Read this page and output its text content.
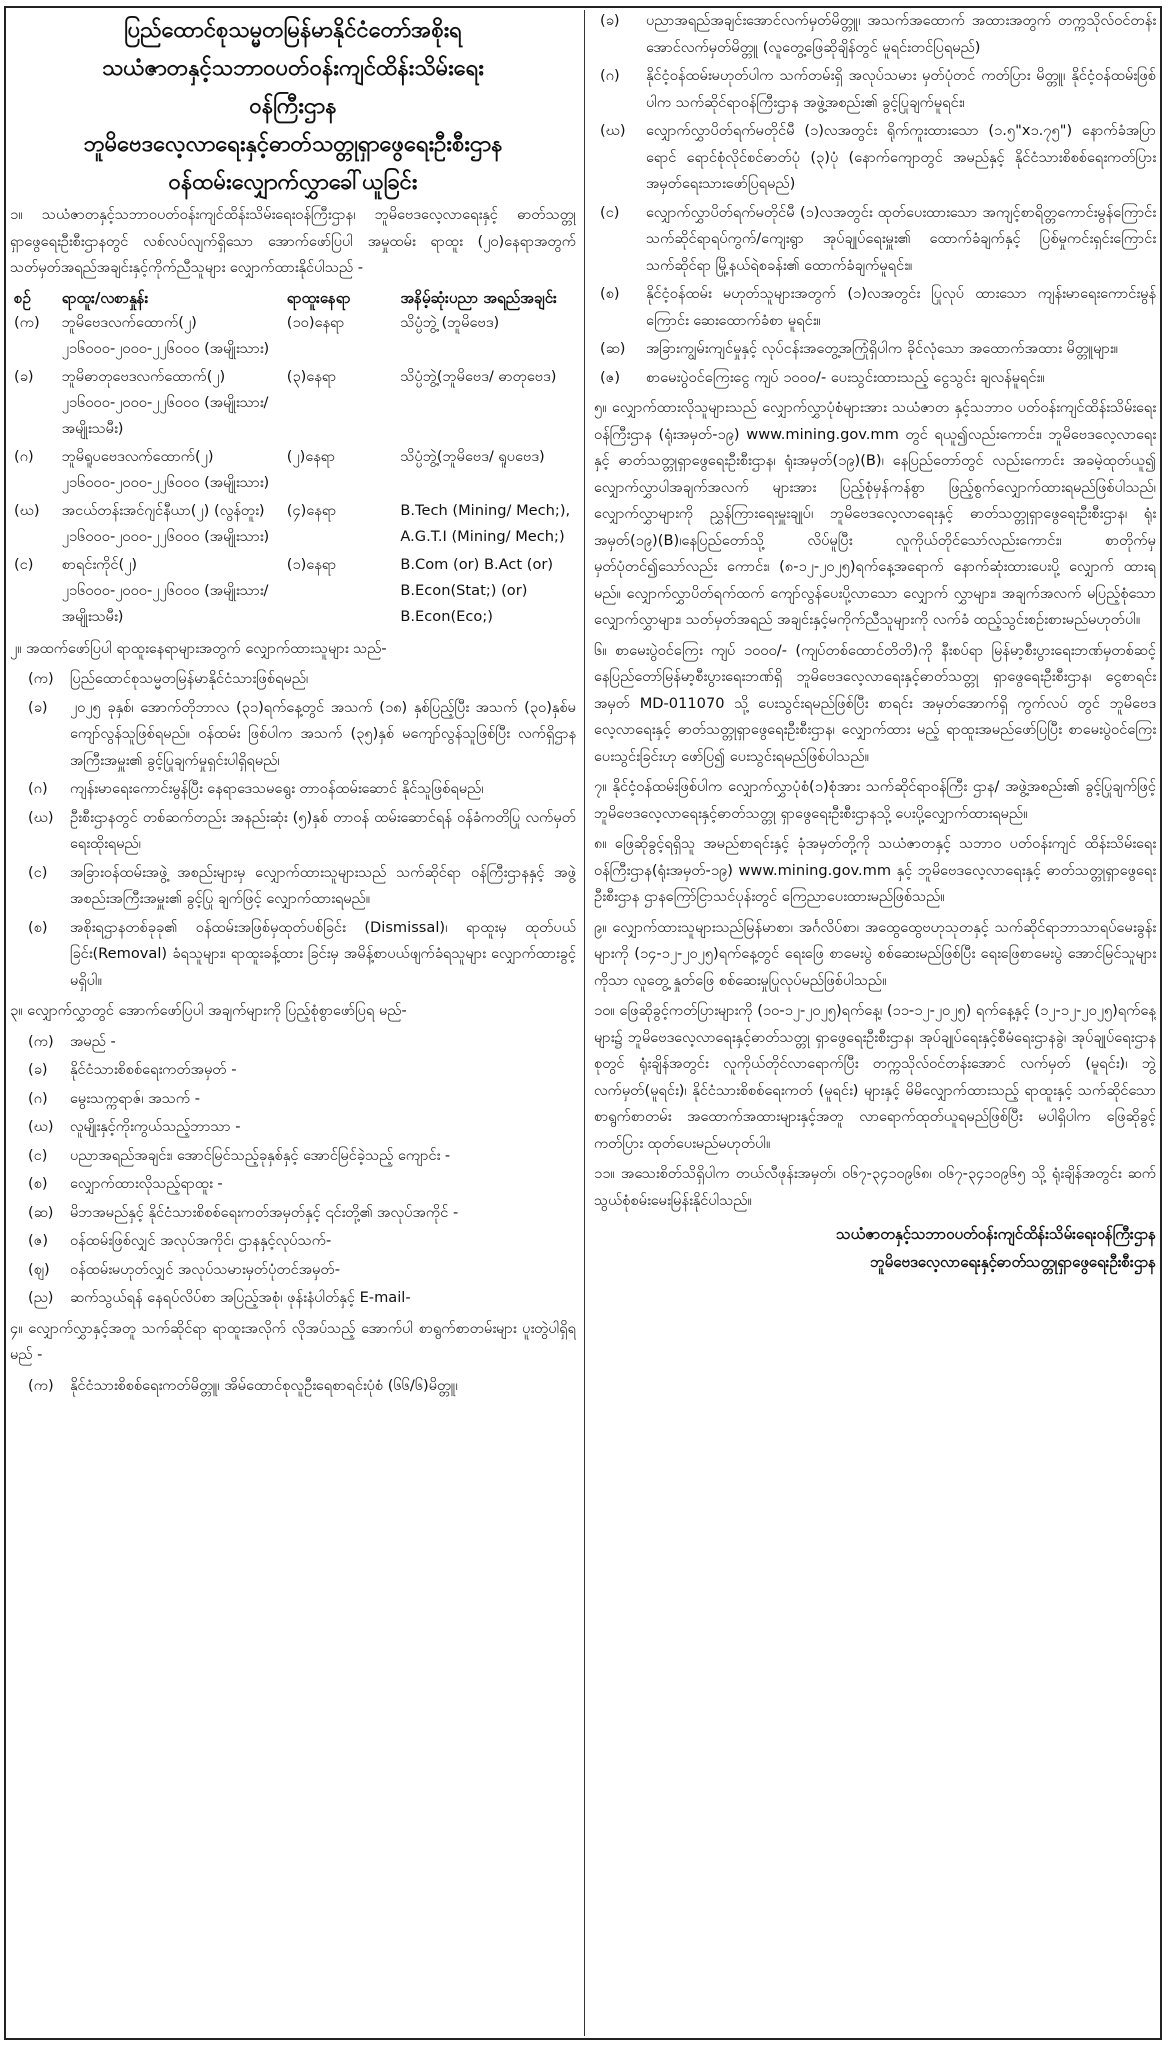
ပြည်ထောင်စုသမ္မတမြန်မာနိုင်ငံတော်အစိုးရ

သယံဇာတနှင့်သဘာဝပတ်ဝန်းကျင်ထိန်းသိမ်းရေး

ဝန်ကြီးဌာန

ဘူမိဗေဒလေ့လာရေးနှင့်ဓာတ်သတ္တုရှာဖွေရေးဦးစီးဌာန

ဝန်ထမ်းလျှောက်လွှာခေါ်ယူခြင်း

၁။ သယံဇာတနှင့်သဘာဝပတ်ဝန်းကျင်ထိန်းသိမ်းရေးဝန်ကြီးဌာန၊ ဘူမိဗေဒလေ့လာရေးနှင့် ဓာတ်သတ္တုရှာဖွေရေးဦးစီးဌာနတွင် လစ်လပ်လျက်ရှိသော အောက်ဖော်ပြပါ အမှုထမ်း ရာထူး (၂၀)နေရာအတွက် သတ်မှတ်အရည်အချင်းနှင့်ကိုက်ညီသူများ လျှောက်ထားနိုင်ပါသည် -

စဉ်	ရာထူး/လစာနှုန်း	ရာထူးနေရာ	အနိမ့်ဆုံးပညာ အရည်အချင်း
(က)	ဘူမိဗေဒလက်ထောက်(၂) ၂၁၆၀၀၀-၂၀၀၀-၂၂၆၀၀၀ (အမျိုးသား)	(၁၀)နေရာ	သိပ္ပံဘွဲ့ (ဘူမိဗေဒ)
(ခ)	ဘူမိဓာတုဗေဒလက်ထောက်(၂) ၂၁၆၀၀၀-၂၀၀၀-၂၂၆၀၀၀ (အမျိုးသား/အမျိုးသမီး)	(၃)နေရာ	သိပ္ပံဘွဲ့(ဘူမိဗေဒ/ ဓာတုဗေဒ)
(ဂ)	ဘူမိရူပဗေဒလက်ထောက်(၂) ၂၁၆၀၀၀-၂၀၀၀-၂၂၆၀၀၀ (အမျိုးသား)	(၂)နေရာ	သိပ္ပံဘွဲ့(ဘူမိဗေဒ/ ရူပဗေဒ)
(ဃ)	အငယ်တန်းအင်ဂျင်နီယာ(၂) (လွန်တူး) ၂၁၆၀၀၀-၂၀၀၀-၂၂၆၀၀၀ (အမျိုးသား)	(၄)နေရာ	B.Tech (Mining/ Mech;), A.G.T.I (Mining/ Mech;)
(င)	စာရင်းကိုင်(၂) ၂၁၆၀၀၀-၂၀၀၀-၂၂၆၀၀၀ (အမျိုးသား/အမျိုးသမီး)	(၁)နေရာ	B.Com (or) B.Act (or) B.Econ(Stat;) (or) B.Econ(Eco;)

၂။ အထက်ဖော်ပြပါ ရာထူးနေရာများအတွက် လျှောက်ထားသူများ သည်-

(က)	ပြည်ထောင်စုသမ္မတမြန်မာနိုင်ငံသားဖြစ်ရမည်၊
(ခ)	၂၀၂၅ ခုနှစ်၊ အောက်တိုဘာလ (၃၁)ရက်နေ့တွင် အသက် (၁၈) နှစ်ပြည့်ပြီး အသက် (၃၀)နှစ်မကျော်လွန်သူဖြစ်ရမည်။ ဝန်ထမ်း ဖြစ်ပါက အသက် (၃၅)နှစ် မကျော်လွန်သူဖြစ်ပြီး လက်ရှိဌာန အကြီးအမှူး၏ ခွင့်ပြုချက်မှုရှင်းပါရှိရမည်၊
(ဂ)	ကျန်းမာရေးကောင်းမွန်ပြီး နေရာဒေသမရွေး တာဝန်ထမ်းဆောင် နိုင်သူဖြစ်ရမည်၊
(ဃ)	ဦးစီးဌာနတွင် တစ်ဆက်တည်း အနည်းဆုံး (၅)နှစ် တာဝန် ထမ်းဆောင်ရန် ဝန်ခံကတိပြု လက်မှတ်ရေးထိုးရမည်၊
(င)	အခြားဝန်ထမ်းအဖွဲ့ အစည်းများမှ လျှောက်ထားသူများသည် သက်ဆိုင်ရာ ဝန်ကြီးဌာနနှင့် အဖွဲ့အစည်းအကြီးအမှူး၏ ခွင့်ပြု ချက်ဖြင့် လျှောက်ထားရမည်။
(စ)	အစိုးရဌာနတစ်ခုခု၏ ဝန်ထမ်းအဖြစ်မှထုတ်ပစ်ခြင်း (Dismissal)၊ ရာထူးမှ ထုတ်ပယ်ခြင်း(Removal) ခံရသူများ၊ ရာထူးခန့်ထား ခြင်းမှ အမိန့်စာပယ်ဖျက်ခံရသူများ လျှောက်ထားခွင့်မရှိပါ။

၃။ လျှောက်လွှာတွင် အောက်ဖော်ပြပါ အချက်များကို ပြည့်စုံစွာဖော်ပြရ မည်-

(က)	အမည် -
(ခ)	နိုင်ငံသားစိစစ်ရေးကတ်အမှတ် -
(ဂ)	မွေးသက္ကရာဇ်၊ အသက် -
(ဃ)	လူမျိုးနှင့်ကိုးကွယ်သည့်ဘာသာ -
(င)	ပညာအရည်အချင်း၊ အောင်မြင်သည့်ခုနှစ်နှင့် အောင်မြင်ခဲ့သည့် ကျောင်း -
(စ)	လျှောက်ထားလိုသည့်ရာထူး -
(ဆ)	မိဘအမည်နှင့် နိုင်ငံသားစိစစ်ရေးကတ်အမှတ်နှင့် ၎င်းတို့၏ အလုပ်အကိုင် -
(ဇ)	ဝန်ထမ်းဖြစ်လျှင် အလုပ်အကိုင်၊ ဌာနနှင့်လုပ်သက်-
(ဈ)	ဝန်ထမ်းမဟုတ်လျှင် အလုပ်သမားမှတ်ပုံတင်အမှတ်-
(ည)	ဆက်သွယ်ရန် နေရပ်လိပ်စာ အပြည့်အစုံ၊ ဖုန်းနံပါတ်နှင့် E-mail-

၄။ လျှောက်လွှာနှင့်အတူ သက်ဆိုင်ရာ ရာထူးအလိုက် လိုအပ်သည့် အောက်ပါ စာရွက်စာတမ်းများ ပူးတွဲပါရှိရမည် -

(က)	နိုင်ငံသားစိစစ်ရေးကတ်မိတ္တူ၊ အိမ်ထောင်စုလူဦးရေစာရင်းပုံစံ (၆၆/၆)မိတ္တူ၊
(ခ)	ပညာအရည်အချင်းအောင်လက်မှတ်မိတ္တူ၊ အသက်အထောက် အထားအတွက် တက္ကသိုလ်ဝင်တန်း အောင်လက်မှတ်မိတ္တူ (လူတွေ့ဖြေဆိုချိန်တွင် မူရင်းတင်ပြရမည်)
(ဂ)	နိုင်ငံ့ဝန်ထမ်းမဟုတ်ပါက သက်တမ်းရှိ အလုပ်သမား မှတ်ပုံတင် ကတ်ပြား မိတ္တူ၊ နိုင်ငံ့ဝန်ထမ်းဖြစ်ပါက သက်ဆိုင်ရာဝန်ကြီးဌာန အဖွဲ့အစည်း၏ ခွင့်ပြုချက်မူရင်း၊
(ဃ)	လျှောက်လွှာပိတ်ရက်မတိုင်မီ (၁)လအတွင်း ရိုက်ကူးထားသော (၁.၅"x၁.၇၅") နောက်ခံအပြာရောင် ရောင်စုံလိုင်စင်ဓာတ်ပုံ (၃)ပုံ (နောက်ကျောတွင် အမည်နှင့် နိုင်ငံသားစိစစ်ရေးကတ်ပြား အမှတ်ရေးသားဖော်ပြရမည်)
(င)	လျှောက်လွှာပိတ်ရက်မတိုင်မီ (၁)လအတွင်း ထုတ်ပေးထားသော အကျင့်စာရိတ္တကောင်းမွန်ကြောင်း သက်ဆိုင်ရာရပ်ကွက်/ကျေးရွာ အုပ်ချုပ်ရေးမှူး၏ ထောက်ခံချက်နှင့် ပြစ်မှုကင်းရှင်းကြောင်း သက်ဆိုင်ရာ မြို့နယ်ရဲစခန်း၏ ထောက်ခံချက်မူရင်း။
(စ)	နိုင်ငံ့ဝန်ထမ်း မဟုတ်သူများအတွက် (၁)လအတွင်း ပြုလုပ် ထားသော ကျန်းမာရေးကောင်းမွန်ကြောင်း ဆေးထောက်ခံစာ မူရင်း။
(ဆ)	အခြားကျွမ်းကျင်မှုနှင့် လုပ်ငန်းအတွေ့အကြုံရှိပါက ခိုင်လုံသော အထောက်အထား မိတ္တူများ။
(ဇ)	စာမေးပွဲဝင်ကြေးငွေ ကျပ် ၁၀၀၀/- ပေးသွင်းထားသည့် ငွေသွင်း ချလန်မူရင်း။

၅။ လျှောက်ထားလိုသူများသည် လျှောက်လွှာပုံစံများအား သယံဇာတ နှင့်သဘာဝ ပတ်ဝန်းကျင်ထိန်းသိမ်းရေးဝန်ကြီးဌာန (ရုံးအမှတ်-၁၉) www.mining.gov.mm တွင် ရယူ၍လည်းကောင်း၊ ဘူမိဗေဒလေ့လာရေးနှင့် ဓာတ်သတ္တုရှာဖွေရေးဦးစီးဌာန၊ ရုံးအမှတ်(၁၉)(B)၊ နေပြည်တော်တွင် လည်းကောင်း အခမဲ့ထုတ်ယူ၍ လျှောက်လွှာပါအချက်အလက် များအား ပြည့်စုံမှန်ကန်စွာ ဖြည့်စွက်လျှောက်ထားရမည်ဖြစ်ပါသည်၊ လျှောက်လွှာများကို ညွှန်ကြားရေးမှူးချုပ်၊ ဘူမိဗေဒလေ့လာရေးနှင့် ဓာတ်သတ္တုရှာဖွေရေးဦးစီးဌာန၊ ရုံးအမှတ်(၁၉)(B)၊နေပြည်တော်သို့ လိပ်မူပြီး လူကိုယ်တိုင်သော်လည်းကောင်း၊ စာတိုက်မှ မှတ်ပုံတင်၍သော်လည်း ကောင်း၊ (၈-၁၂-၂၀၂၅)ရက်နေ့အရောက် နောက်ဆုံးထားပေးပို့ လျှောက် ထားရမည်။ လျှောက်လွှာပိတ်ရက်ထက် ကျော်လွန်ပေးပို့လာသော လျှောက် လွှာများ၊ အချက်အလက် မပြည့်စုံသော လျှောက်လွှာများ၊ သတ်မှတ်အရည် အချင်းနှင့်မကိုက်ညီသူများကို လက်ခံ ထည့်သွင်းစဉ်းစားမည်မဟုတ်ပါ။

၆။ စာမေးပွဲဝင်ကြေး ကျပ် ၁၀၀၀/- (ကျပ်တစ်ထောင်တိတိ)ကို နီးစပ်ရာ မြန်မာ့စီးပွားရေးဘဏ်မှတစ်ဆင့် နေပြည်တော်မြန်မာ့စီးပွားရေးဘဏ်ရှိ ဘူမိဗေဒလေ့လာရေးနှင့်ဓာတ်သတ္တု ရှာဖွေရေးဦးစီးဌာန၊ ငွေစာရင်းအမှတ် MD-011070 သို့ ပေးသွင်းရမည်ဖြစ်ပြီး စာရင်း အမှတ်အောက်ရှိ ကွက်လပ် တွင် ဘူမိဗေဒလေ့လာရေးနှင့် ဓာတ်သတ္တုရှာဖွေရေးဦးစီးဌာန၊ လျှောက်ထား မည့် ရာထူးအမည်ဖော်ပြပြီး စာမေးပွဲဝင်ကြေးပေးသွင်းခြင်းဟု ဖော်ပြ၍ ပေးသွင်းရမည်ဖြစ်ပါသည်။

၇။ နိုင်ငံ့ဝန်ထမ်းဖြစ်ပါက လျှောက်လွှာပုံစံ(၁)စုံအား သက်ဆိုင်ရာဝန်ကြီး ဌာန/ အဖွဲ့အစည်း၏ ခွင့်ပြုချက်ဖြင့် ဘူမိဗေဒလေ့လာရေးနှင့်ဓာတ်သတ္တု ရှာဖွေရေးဦးစီးဌာနသို့ ပေးပို့လျှောက်ထားရမည်။

၈။ ဖြေဆိုခွင့်ရရှိသူ အမည်စာရင်းနှင့် ခုံအမှတ်တို့ကို သယံဇာတနှင့် သဘာဝ ပတ်ဝန်းကျင် ထိန်းသိမ်းရေးဝန်ကြီးဌာန(ရုံးအမှတ်-၁၉) www.mining.gov.mm နှင့် ဘူမိဗေဒလေ့လာရေးနှင့် ဓာတ်သတ္တုရှာဖွေရေးဦးစီးဌာန ဌာနကြော်ငြာသင်ပုန်းတွင် ကြေညာပေးထားမည်ဖြစ်သည်။

၉။ လျှောက်ထားသူများသည်မြန်မာစာ၊ အင်္ဂလိပ်စာ၊ အထွေထွေဗဟုသုတနှင့် သက်ဆိုင်ရာဘာသာရပ်မေးခွန်းများကို (၁၄-၁၂-၂၀၂၅)ရက်နေ့တွင် ရေးဖြေ စာမေးပွဲ စစ်ဆေးမည်ဖြစ်ပြီး ရေးဖြေစာမေးပွဲ အောင်မြင်သူများကိုသာ လူတွေ့ နှုတ်ဖြေ စစ်ဆေးမှုပြုလုပ်မည်ဖြစ်ပါသည်။

၁၀။ ဖြေဆိုခွင့်ကတ်ပြားများကို (၁၀-၁၂-၂၀၂၅)ရက်နေ့၊ (၁၁-၁၂-၂၀၂၅) ရက်နေ့နှင့် (၁၂-၁၂-၂၀၂၅)ရက်နေ့များ၌ ဘူမိဗေဒလေ့လာရေးနှင့်ဓာတ်သတ္တု ရှာဖွေရေးဦးစီးဌာန၊ အုပ်ချုပ်ရေးနှင့်စီမံရေးဌာနခွဲ၊ အုပ်ချုပ်ရေးဌာနစုတွင် ရုံးချိန်အတွင်း လူကိုယ်တိုင်လာရောက်ပြီး တက္ကသိုလ်ဝင်တန်းအောင် လက်မှတ် (မူရင်း)၊ ဘွဲ့လက်မှတ်(မူရင်း)၊ နိုင်ငံသားစိစစ်ရေးကတ် (မူရင်း) များနှင့် မိမိလျှောက်ထားသည့် ရာထူးနှင့် သက်ဆိုင်သောစာရွက်စာတမ်း အထောက်အထားများနှင့်အတူ လာရောက်ထုတ်ယူရမည်ဖြစ်ပြီး မပါရှိပါက ဖြေဆိုခွင့်ကတ်ပြား ထုတ်ပေးမည်မဟုတ်ပါ။

၁၁။ အသေးစိတ်သိရှိပါက တယ်လီဖုန်းအမှတ်၊ ၀၆၇-၃၄၁၀၉၆၈၊ ၀၆၇-၃၄၁၀၉၆၅ သို့ ရုံးချိန်အတွင်း ဆက်သွယ်စုံစမ်းမေးမြန်းနိုင်ပါသည်။

သယံဇာတနှင့်သဘာဝပတ်ဝန်းကျင်ထိန်းသိမ်းရေးဝန်ကြီးဌာန
ဘူမိဗေဒလေ့လာရေးနှင့်ဓာတ်သတ္တုရှာဖွေရေးဦးစီးဌာန
